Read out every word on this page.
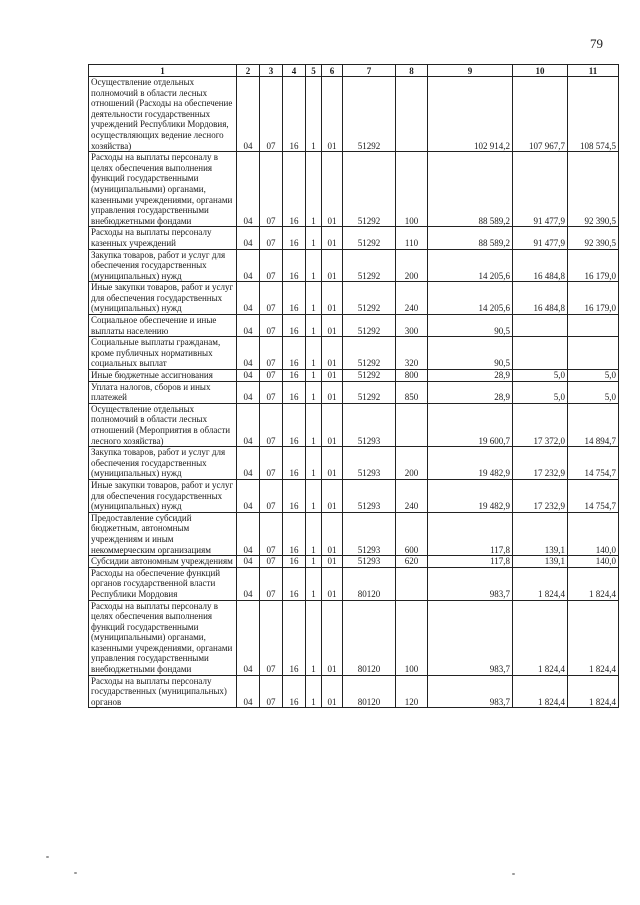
79
1	2	3	4	5	6	7	8	9	10	11
Осуществление отдельных полномочий в области лесных отношений (Расходы на обеспечение деятельности государственных учреждений Республики Мордовия, осуществляющих ведение лесного хозяйства)	04	07	16	1	01	51292		102 914,2	107 967,7	108 574,5
Расходы на выплаты персоналу в целях обеспечения выполнения функций государственными (муниципальными) органами, казенными учреждениями, органами управления государственными внебюджетными фондами	04	07	16	1	01	51292	100	88 589,2	91 477,9	92 390,5
Расходы на выплаты персоналу казенных учреждений	04	07	16	1	01	51292	110	88 589,2	91 477,9	92 390,5
Закупка товаров, работ и услуг для обеспечения государственных (муниципальных) нужд	04	07	16	1	01	51292	200	14 205,6	16 484,8	16 179,0
Иные закупки товаров, работ и услуг для обеспечения государственных (муниципальных) нужд	04	07	16	1	01	51292	240	14 205,6	16 484,8	16 179,0
Социальное обеспечение и иные выплаты населению	04	07	16	1	01	51292	300	90,5		
Социальные выплаты гражданам, кроме публичных нормативных социальных выплат	04	07	16	1	01	51292	320	90,5		
Иные бюджетные ассигнования	04	07	16	1	01	51292	800	28,9	5,0	5,0
Уплата налогов, сборов и иных платежей	04	07	16	1	01	51292	850	28,9	5,0	5,0
Осуществление отдельных полномочий в области лесных отношений (Мероприятия в области лесного хозяйства)	04	07	16	1	01	51293		19 600,7	17 372,0	14 894,7
Закупка товаров, работ и услуг для обеспечения государственных (муниципальных) нужд	04	07	16	1	01	51293	200	19 482,9	17 232,9	14 754,7
Иные закупки товаров, работ и услуг для обеспечения государственных (муниципальных) нужд	04	07	16	1	01	51293	240	19 482,9	17 232,9	14 754,7
Предоставление субсидий бюджетным, автономным учреждениям и иным некоммерческим организациям	04	07	16	1	01	51293	600	117,8	139,1	140,0
Субсидии автономным учреждениям	04	07	16	1	01	51293	620	117,8	139,1	140,0
Расходы на обеспечение функций органов государственной власти Республики Мордовия	04	07	16	1	01	80120		983,7	1 824,4	1 824,4
Расходы на выплаты персоналу в целях обеспечения выполнения функций государственными (муниципальными) органами, казенными учреждениями, органами управления государственными внебюджетными фондами	04	07	16	1	01	80120	100	983,7	1 824,4	1 824,4
Расходы на выплаты персоналу государственных (муниципальных) органов	04	07	16	1	01	80120	120	983,7	1 824,4	1 824,4
